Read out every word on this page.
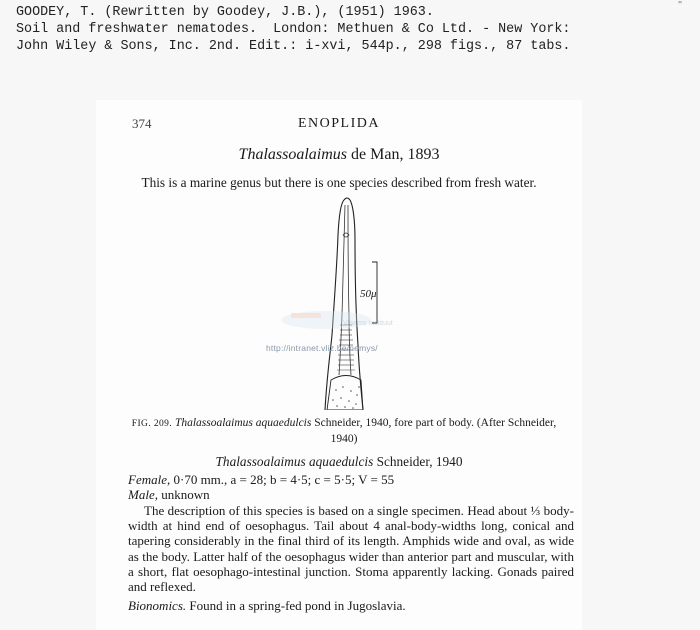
GOODEY, T. (Rewritten by Goodey, J.B.), (1951) 1963.
Soil and freshwater nematodes.  London: Methuen & Co Ltd. - New York:
John Wiley & Sons, Inc. 2nd. Edit.: i-xvi, 544p., 298 figs., 87 tabs.
"
374	ENOPLIDA
Thalassoalaimus de Man, 1893
This is a marine genus but there is one species described from fresh water.
Vlaams Instituut
50μ
http://intranet.vliz.be/nemys/
FIG. 209. Thalassoalaimus aquaedulcis Schneider, 1940, fore part of body. (After Schneider, 1940)
Thalassoalaimus aquaedulcis Schneider, 1940
Female, 0·70 mm., a = 28; b = 4·5; c = 5·5; V = 55
Male, unknown
The description of this species is based on a single specimen. Head about ⅓ body-width at hind end of oesophagus. Tail about 4 anal-body-widths long, conical and tapering considerably in the final third of its length. Amphids wide and oval, as wide as the body. Latter half of the oesophagus wider than anterior part and muscular, with a short, flat oesophago-intestinal junction. Stoma apparently lacking. Gonads paired and reflexed.
Bionomics. Found in a spring-fed pond in Jugoslavia.
